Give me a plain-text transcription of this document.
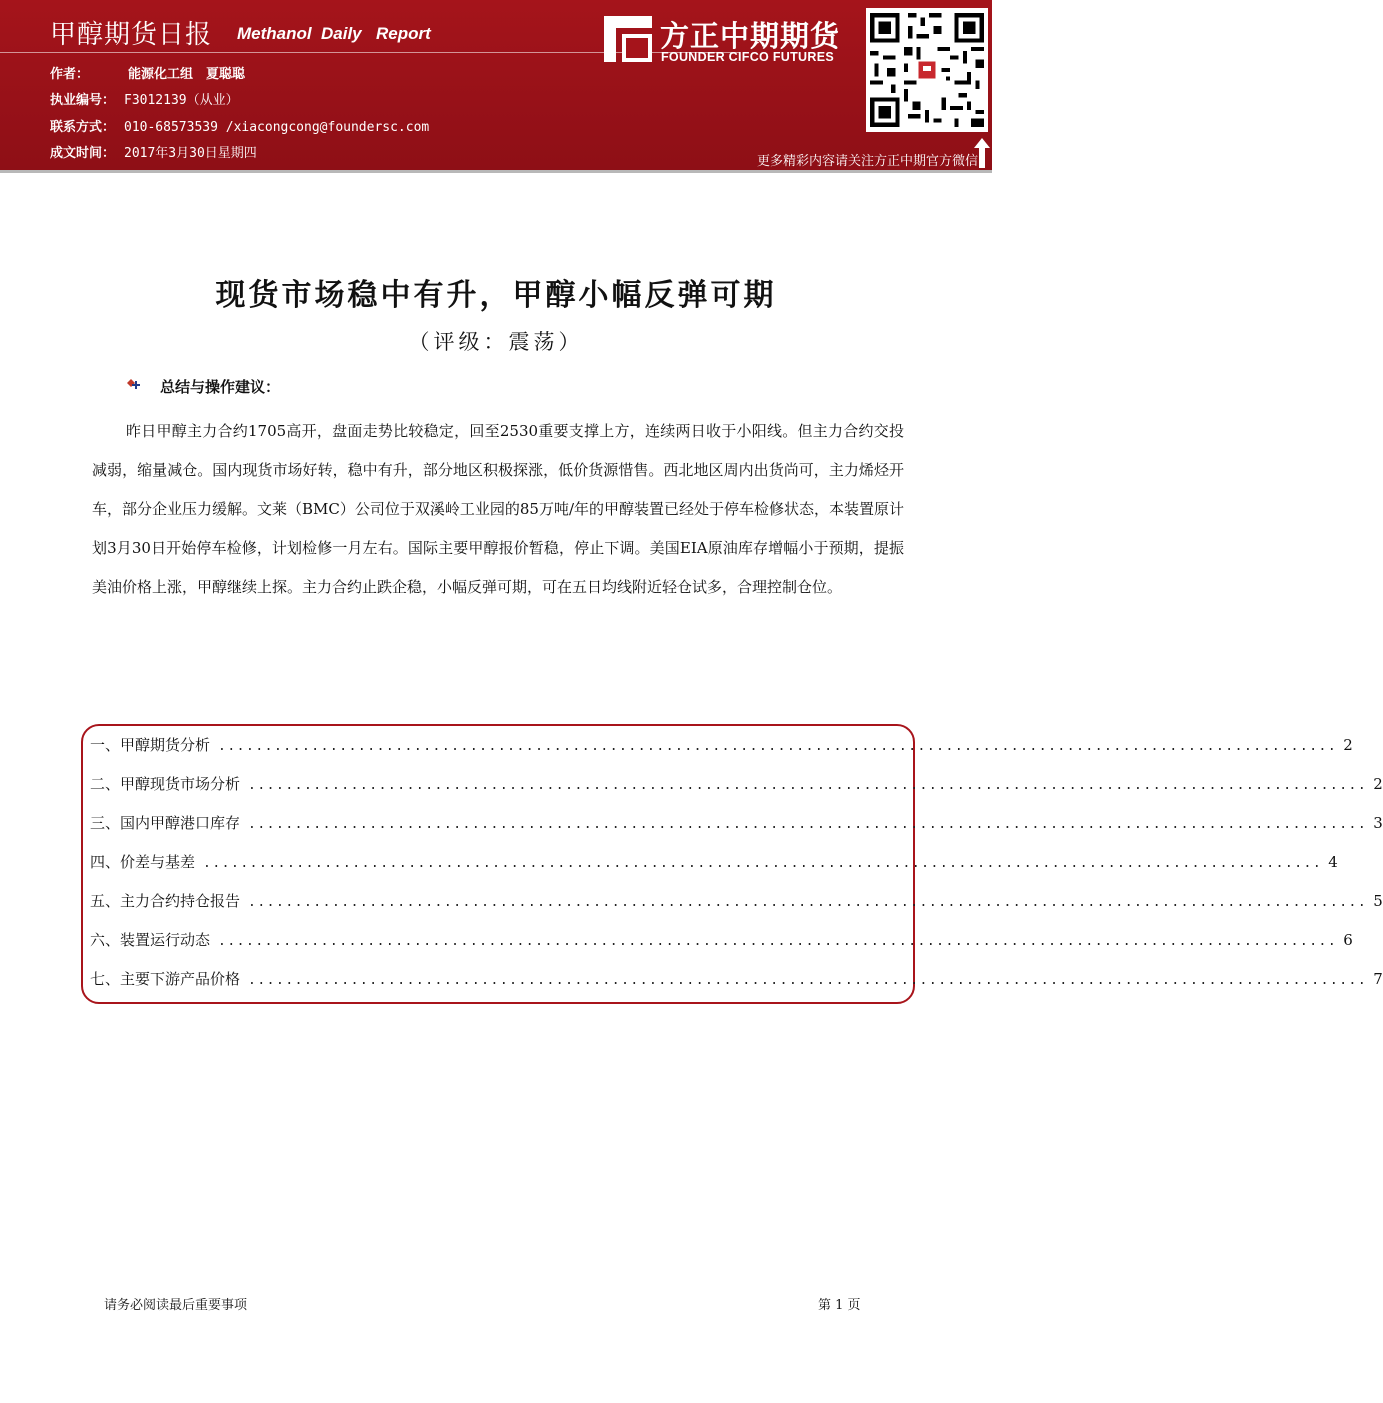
甲醇期货日报 Methanol Daily Report
作者：	能源化工组　夏聪聪
执业编号： F3012139（从业）
联系方式： 010-68573539 /xiacongcong@foundersc.com
成文时间： 2017年3月30日星期四
方正中期期货
FOUNDER CIFCO FUTURES
更多精彩内容请关注方正中期官方微信
现货市场稳中有升，甲醇小幅反弹可期
（评级：震荡）
总结与操作建议：
昨日甲醇主力合约1705高开，盘面走势比较稳定，回至2530重要支撑上方，连续两日收于小阳线。但主力合约交投减弱，缩量减仓。国内现货市场好转，稳中有升，部分地区积极探涨，低价货源惜售。西北地区周内出货尚可，主力烯烃开车，部分企业压力缓解。文莱（BMC）公司位于双溪岭工业园的85万吨/年的甲醇装置已经处于停车检修状态，本装置原计划3月30日开始停车检修，计划检修一月左右。国际主要甲醇报价暂稳，停止下调。美国EIA原油库存增幅小于预期，提振美油价格上涨，甲醇继续上探。主力合约止跌企稳，小幅反弹可期，可在五日均线附近轻仓试多，合理控制仓位。
一、甲醇期货分析 ........................................................................................................................ 2
二、甲醇现货市场分析 ........................................................................................................................ 2
三、国内甲醇港口库存 ........................................................................................................................ 3
四、价差与基差 ........................................................................................................................ 4
五、主力合约持仓报告 ........................................................................................................................ 5
六、装置运行动态 ........................................................................................................................ 6
七、主要下游产品价格 ........................................................................................................................ 7
请务必阅读最后重要事项	第 1 页
